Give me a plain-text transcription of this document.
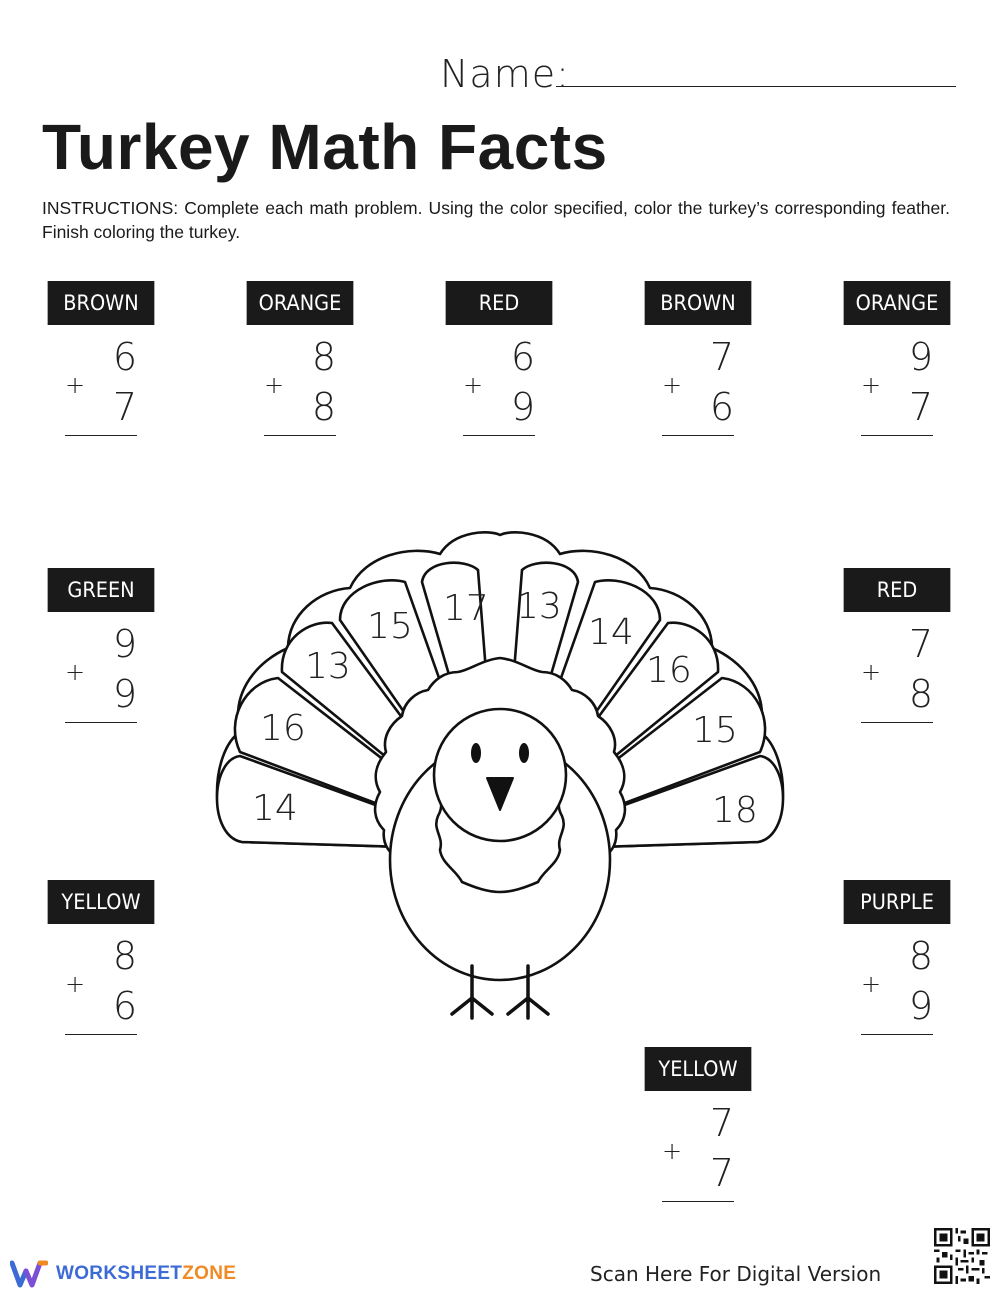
Name:
Turkey Math Facts

INSTRUCTIONS: Complete each math problem. Using the color specified, color the turkey’s corresponding feather. Finish coloring the turkey.

BROWN
6
+ 7
ORANGE
8
+ 8
RED
6
+ 9
BROWN
7
+ 6
ORANGE
9
+ 7
GREEN
9
+ 9
RED
7
+ 8
YELLOW
8
+ 6
PURPLE
8
+ 9
YELLOW
7
+ 7
14
16
13
15 17 13
14
16
15
18
WORKSHEETZONE	Scan Here For Digital Version
